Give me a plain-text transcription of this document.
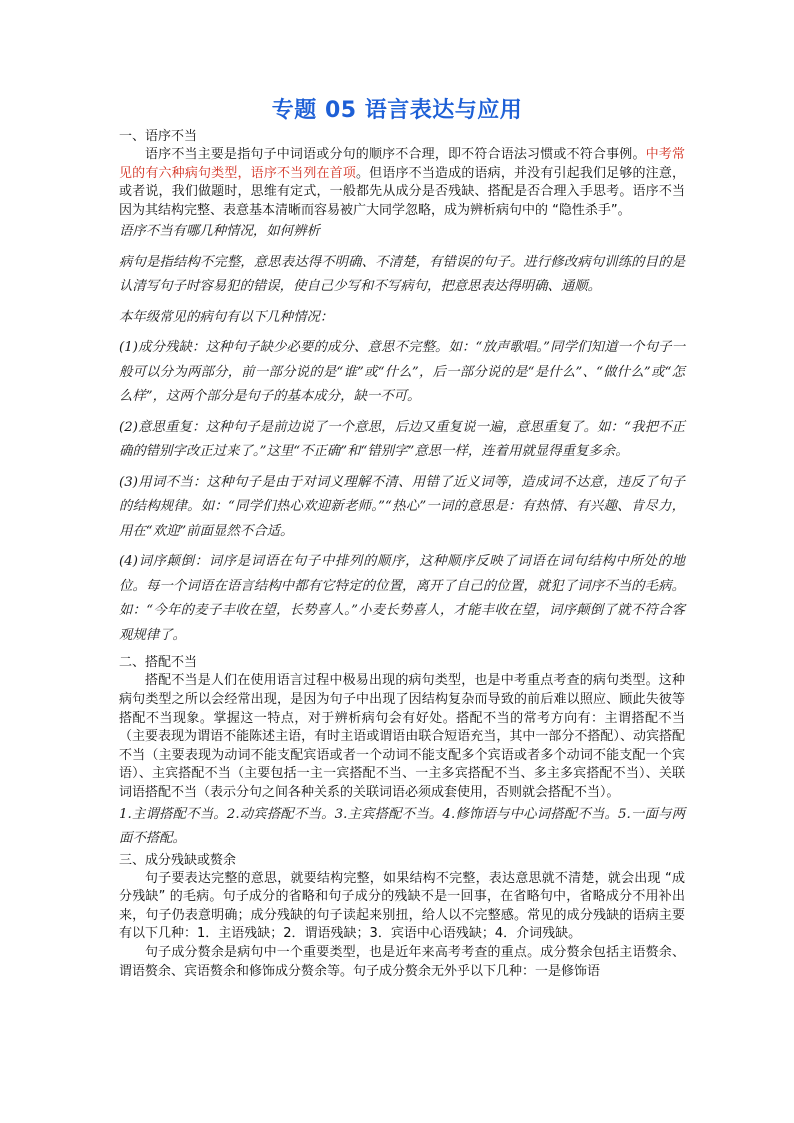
专题 05 语言表达与应用

一、语序不当

语序不当主要是指句子中词语或分句的顺序不合理，即不符合语法习惯或不符合事例。中考常见的有六种病句类型，语序不当列在首项。但语序不当造成的语病，并没有引起我们足够的注意，或者说，我们做题时，思维有定式，一般都先从成分是否残缺、搭配是否合理入手思考。语序不当因为其结构完整、表意基本清晰而容易被广大同学忽略，成为辨析病句中的 “隐性杀手”。

语序不当有哪几种情况，如何辨析

病句是指结构不完整，意思表达得不明确、不清楚，有错误的句子。进行修改病句训练的目的是认清写句子时容易犯的错误，使自己少写和不写病句，把意思表达得明确、通顺。

本年级常见的病句有以下几种情况：

(1)成分残缺：这种句子缺少必要的成分、意思不完整。如：“放声歌唱。”同学们知道一个句子一般可以分为两部分，前一部分说的是“谁”或“什么”，后一部分说的是“是什么”、“做什么”或“怎么样”，这两个部分是句子的基本成分，缺一不可。

(2)意思重复：这种句子是前边说了一个意思，后边又重复说一遍，意思重复了。如：“我把不正确的错别字改正过来了。”这里“不正确”和“错别字”意思一样，连着用就显得重复多余。

(3)用词不当：这种句子是由于对词义理解不清、用错了近义词等，造成词不达意，违反了句子的结构规律。如：“同学们热心欢迎新老师。”“热心”一词的意思是：有热情、有兴趣、肯尽力，用在“欢迎”前面显然不合适。

(4)词序颠倒：词序是词语在句子中排列的顺序，这种顺序反映了词语在词句结构中所处的地位。每一个词语在语言结构中都有它特定的位置，离开了自己的位置，就犯了词序不当的毛病。如：“今年的麦子丰收在望，长势喜人。”小麦长势喜人，才能丰收在望，词序颠倒了就不符合客观规律了。

二、搭配不当

搭配不当是人们在使用语言过程中极易出现的病句类型，也是中考重点考查的病句类型。这种病句类型之所以会经常出现，是因为句子中出现了因结构复杂而导致的前后难以照应、顾此失彼等搭配不当现象。掌握这一特点，对于辨析病句会有好处。搭配不当的常考方向有：主谓搭配不当（主要表现为谓语不能陈述主语，有时主语或谓语由联合短语充当，其中一部分不搭配）、动宾搭配不当（主要表现为动词不能支配宾语或者一个动词不能支配多个宾语或者多个动词不能支配一个宾语）、主宾搭配不当（主要包括一主一宾搭配不当、一主多宾搭配不当、多主多宾搭配不当）、关联词语搭配不当（表示分句之间各种关系的关联词语必须成套使用，否则就会搭配不当）。

1.主谓搭配不当。2.动宾搭配不当。3.主宾搭配不当。4.修饰语与中心词搭配不当。5.一面与两面不搭配。

三、成分残缺或赘余

句子要表达完整的意思，就要结构完整，如果结构不完整，表达意思就不清楚，就会出现 “成分残缺” 的毛病。句子成分的省略和句子成分的残缺不是一回事，在省略句中，省略成分不用补出来，句子仍表意明确；成分残缺的句子读起来别扭，给人以不完整感。常见的成分残缺的语病主要有以下几种：1．主语残缺；2．谓语残缺；3．宾语中心语残缺；4．介词残缺。

句子成分赘余是病句中一个重要类型，也是近年来高考考查的重点。成分赘余包括主语赘余、谓语赘余、宾语赘余和修饰成分赘余等。句子成分赘余无外乎以下几种：一是修饰语
